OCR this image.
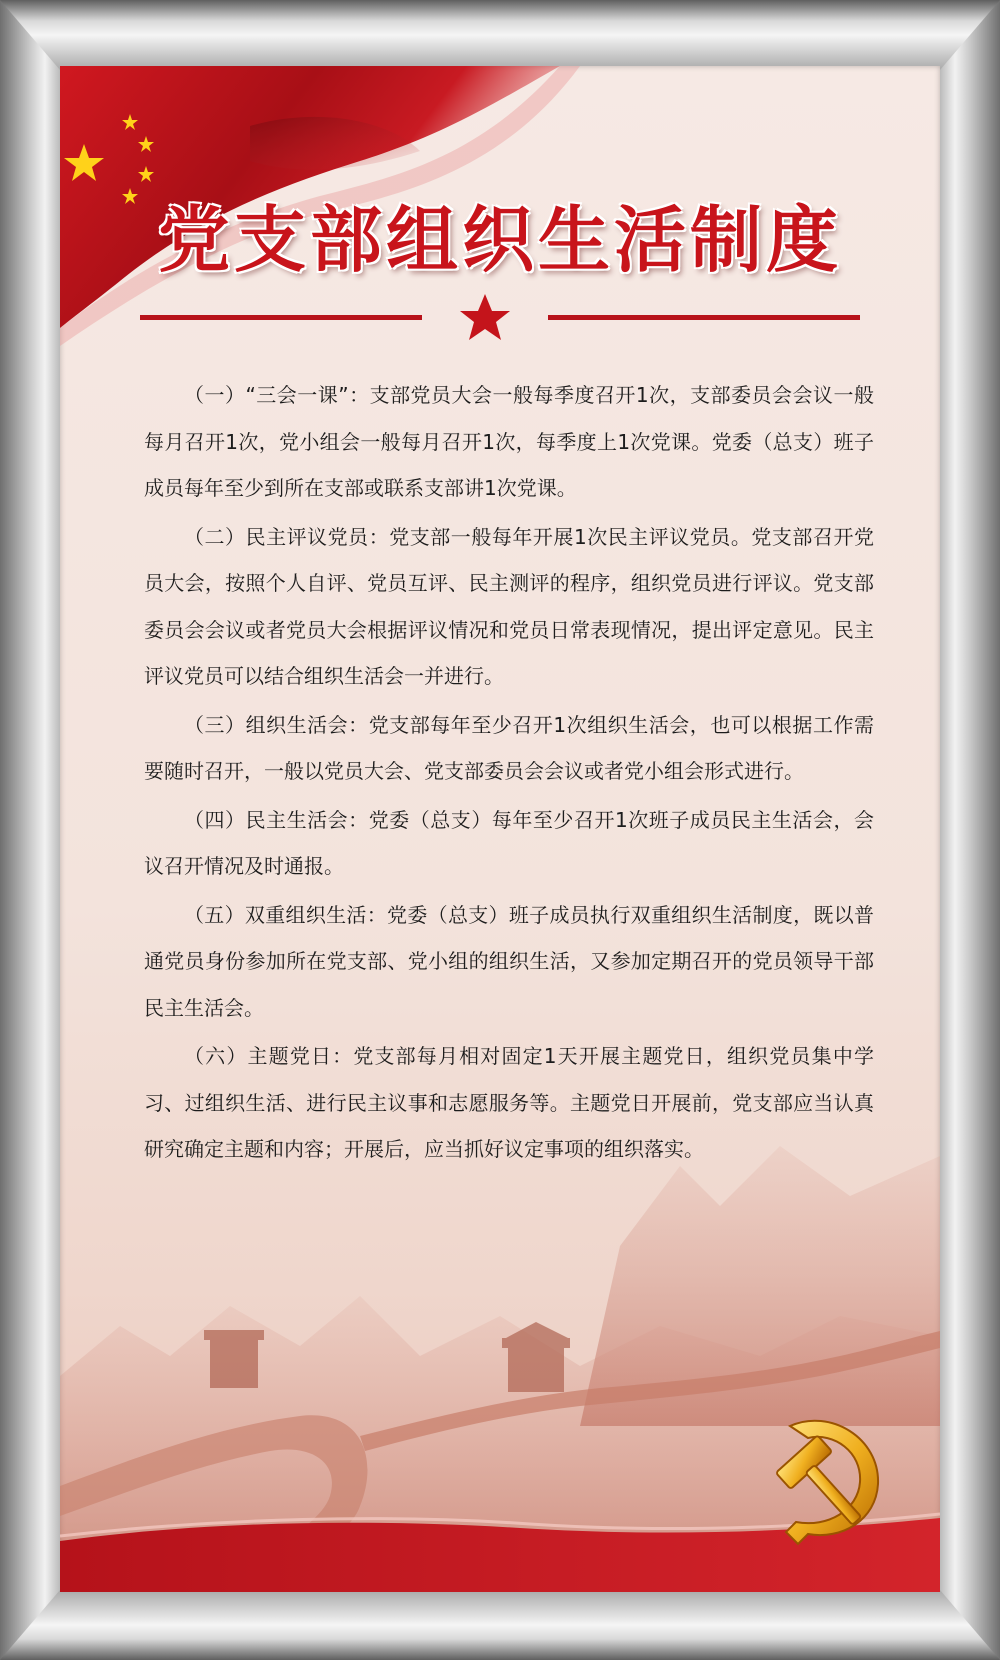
党支部组织生活制度

（一）“三会一课”：支部党员大会一般每季度召开1次，支部委员会会议一般每月召开1次，党小组会一般每月召开1次，每季度上1次党课。党委（总支）班子成员每年至少到所在支部或联系支部讲1次党课。

（二）民主评议党员：党支部一般每年开展1次民主评议党员。党支部召开党员大会，按照个人自评、党员互评、民主测评的程序，组织党员进行评议。党支部委员会会议或者党员大会根据评议情况和党员日常表现情况，提出评定意见。民主评议党员可以结合组织生活会一并进行。

（三）组织生活会：党支部每年至少召开1次组织生活会，也可以根据工作需要随时召开，一般以党员大会、党支部委员会会议或者党小组会形式进行。

（四）民主生活会：党委（总支）每年至少召开1次班子成员民主生活会，会议召开情况及时通报。

（五）双重组织生活：党委（总支）班子成员执行双重组织生活制度，既以普通党员身份参加所在党支部、党小组的组织生活，又参加定期召开的党员领导干部民主生活会。

（六）主题党日：党支部每月相对固定1天开展主题党日，组织党员集中学习、过组织生活、进行民主议事和志愿服务等。主题党日开展前，党支部应当认真研究确定主题和内容；开展后，应当抓好议定事项的组织落实。
